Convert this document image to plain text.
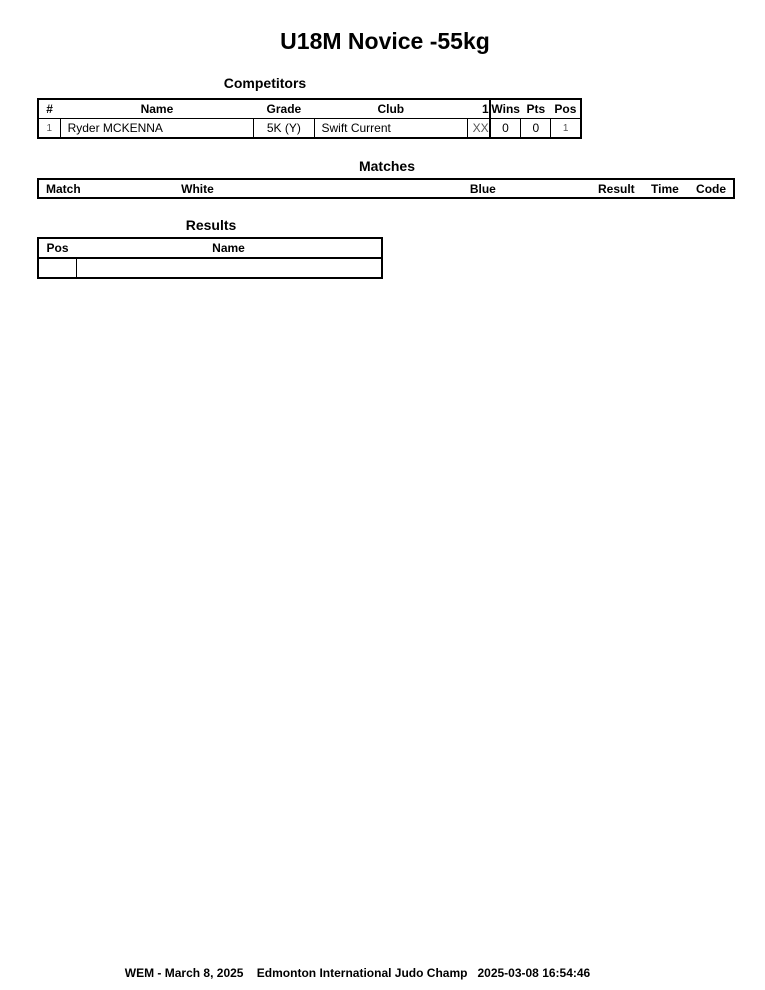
U18M Novice -55kg
Competitors
#	Name	Grade	Club	1	Wins	Pts	Pos
1	Ryder MCKENNA	5K (Y)	Swift Current	XX	0	0	1
Matches
Match	White	Blue	Result	Time	Code
Results
Pos	Name

WEM - March 8, 2025    Edmonton International Judo Champ   2025-03-08 16:54:46
